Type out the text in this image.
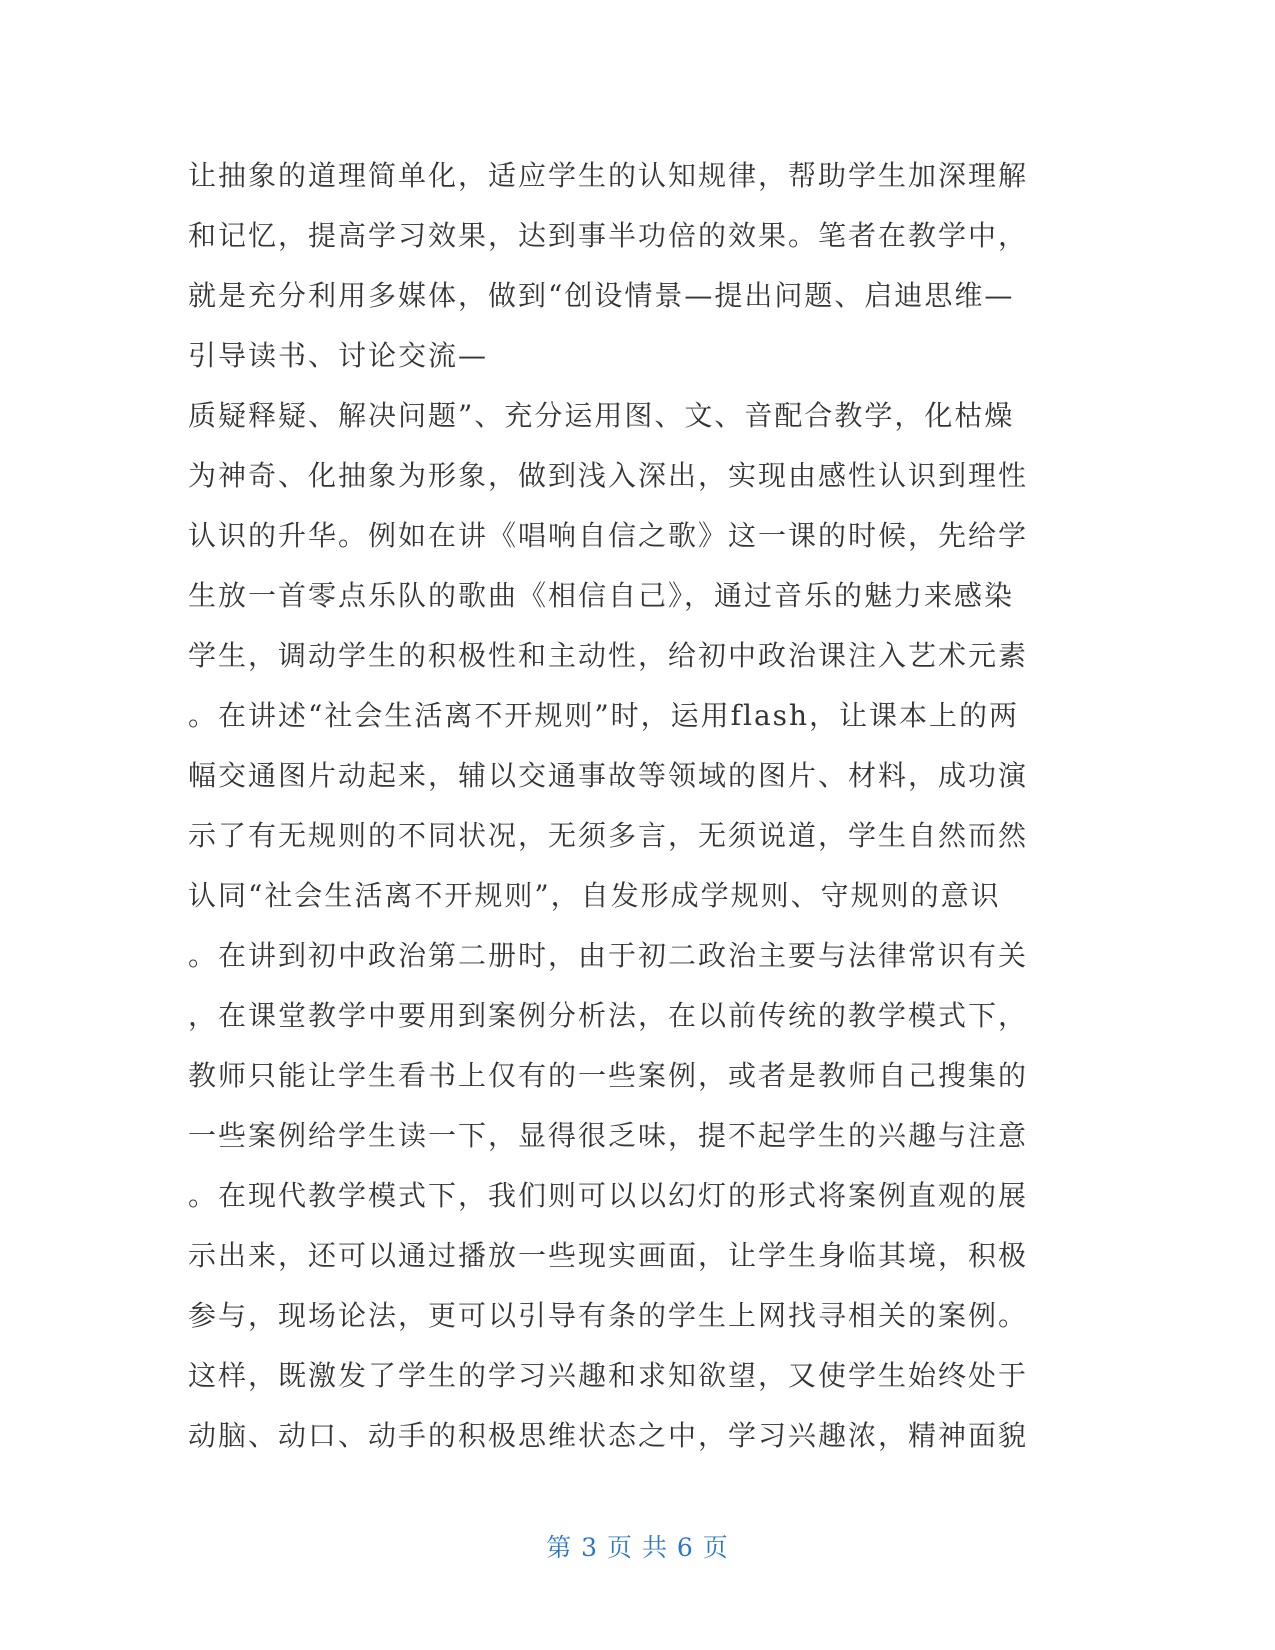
让抽象的道理简单化，适应学生的认知规律，帮助学生加深理解
和记忆，提高学习效果，达到事半功倍的效果。笔者在教学中，
就是充分利用多媒体，做到“创设情景—提出问题、启迪思维—
引导读书、讨论交流—
质疑释疑、解决问题”、充分运用图、文、音配合教学，化枯燥
为神奇、化抽象为形象，做到浅入深出，实现由感性认识到理性
认识的升华。例如在讲《唱响自信之歌》这一课的时候，先给学
生放一首零点乐队的歌曲《相信自己》，通过音乐的魅力来感染
学生，调动学生的积极性和主动性，给初中政治课注入艺术元素
。在讲述“社会生活离不开规则”时，运用flash，让课本上的两
幅交通图片动起来，辅以交通事故等领域的图片、材料，成功演
示了有无规则的不同状况，无须多言，无须说道，学生自然而然
认同“社会生活离不开规则”，自发形成学规则、守规则的意识
。在讲到初中政治第二册时，由于初二政治主要与法律常识有关
，在课堂教学中要用到案例分析法，在以前传统的教学模式下，
教师只能让学生看书上仅有的一些案例，或者是教师自己搜集的
一些案例给学生读一下，显得很乏味，提不起学生的兴趣与注意
。在现代教学模式下，我们则可以以幻灯的形式将案例直观的展
示出来，还可以通过播放一些现实画面，让学生身临其境，积极
参与，现场论法，更可以引导有条的学生上网找寻相关的案例。
这样，既激发了学生的学习兴趣和求知欲望，又使学生始终处于
动脑、动口、动手的积极思维状态之中，学习兴趣浓，精神面貌
第 3 页 共 6 页
